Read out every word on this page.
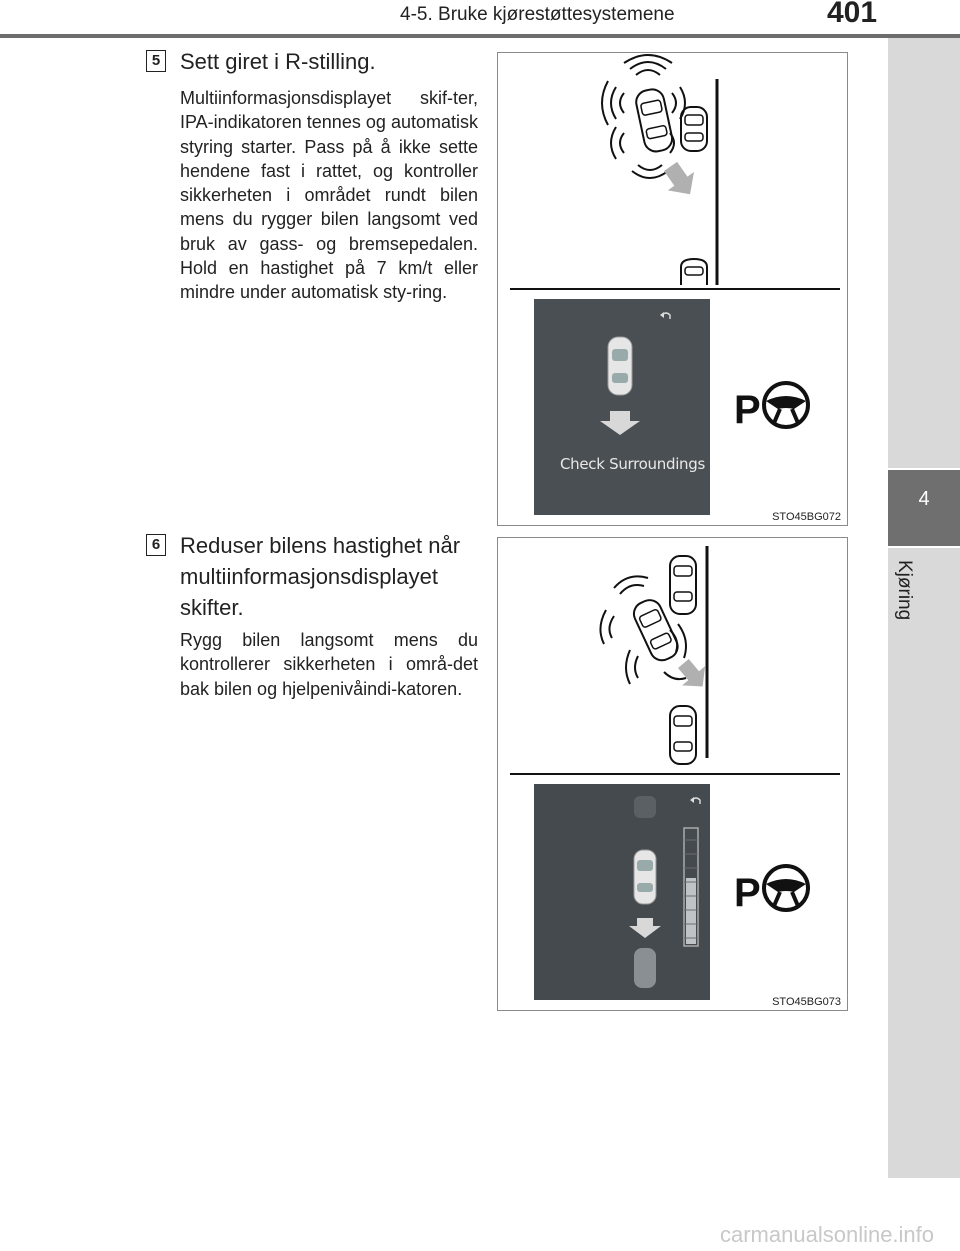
4-5. Bruke kjørestøttesystemene	401
4
Kjøring
5 Sett giret i R-stilling.
Multiinformasjonsdisplayet skif-ter, IPA-indikatoren tennes og automatisk styring starter. Pass på å ikke sette hendene fast i rattet, og kontroller sikkerheten i området rundt bilen mens du rygger bilen langsomt ved bruk av gass- og bremsepedalen. Hold en hastighet på 7 km/t eller mindre under automatisk sty-ring.
P
Check Surroundings
STO45BG072
6 Reduser bilens hastighet når multiinformasjonsdisplayet skifter.
Rygg bilen langsomt mens du kontrollerer sikkerheten i områ-det bak bilen og hjelpenivåindi-katoren.
P
STO45BG073
carmanualsonline.info
